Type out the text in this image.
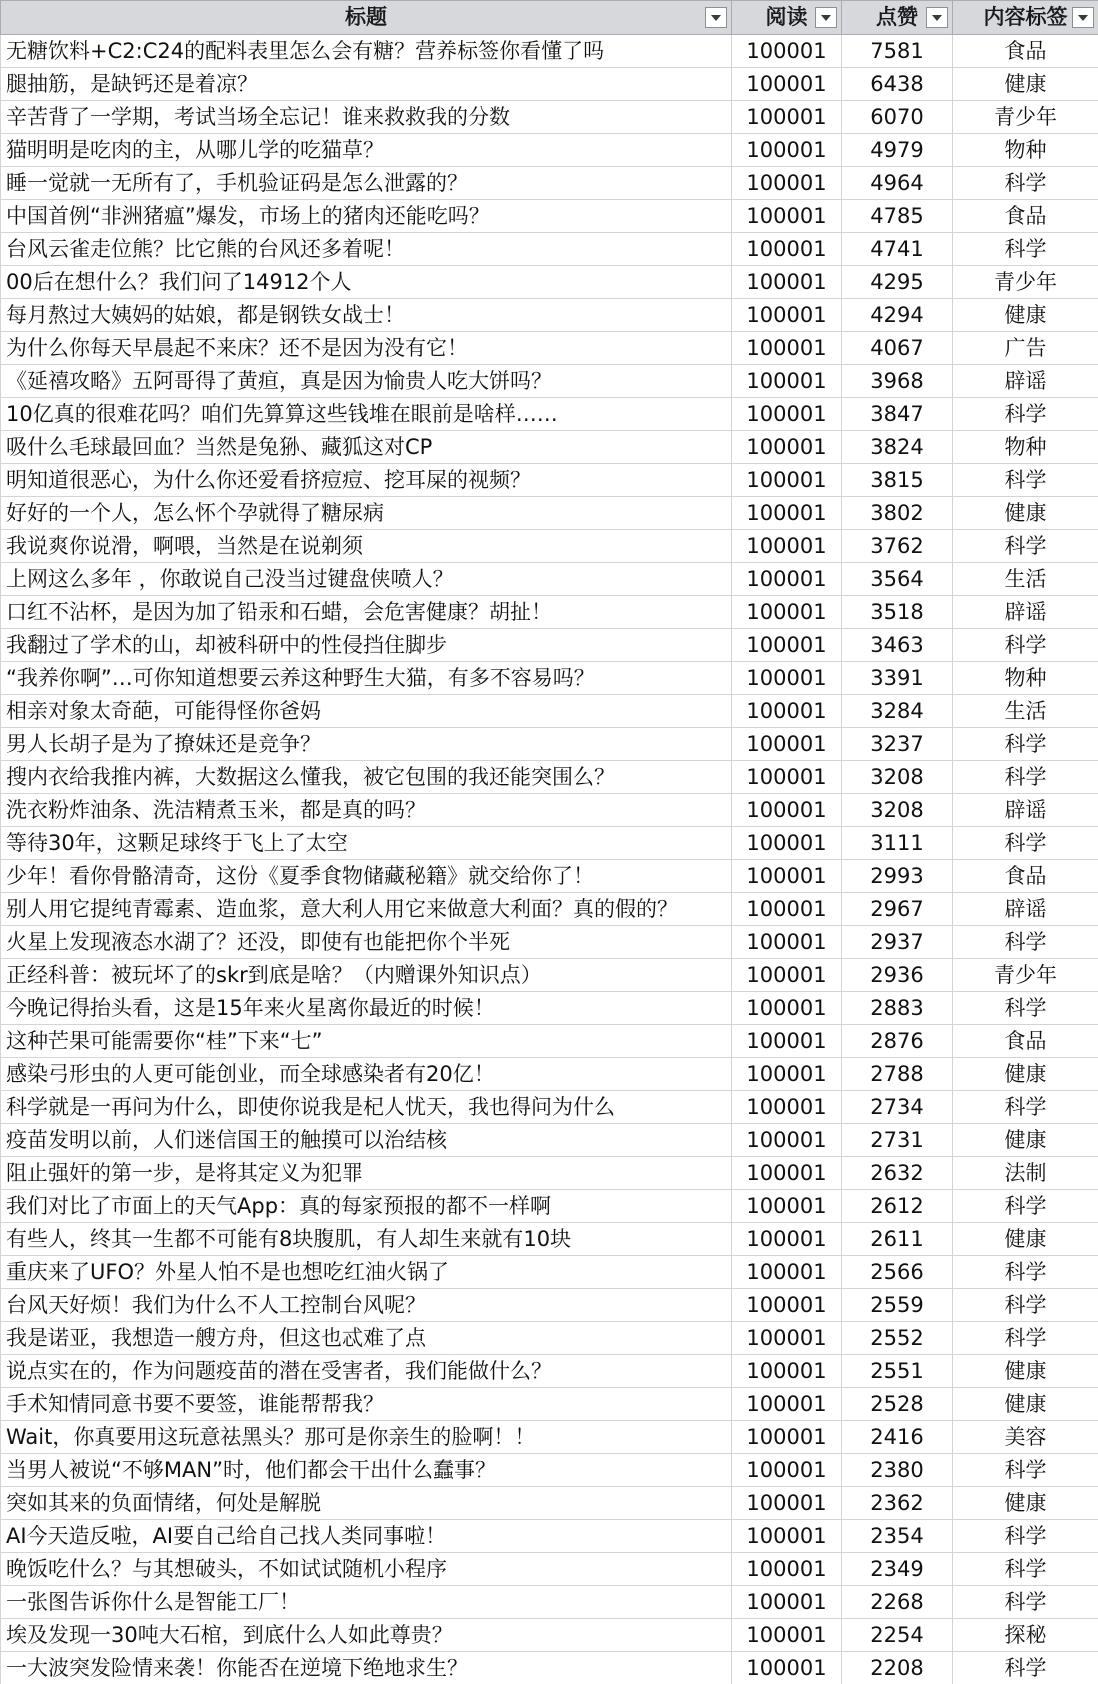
标题	阅读	点赞	内容标签

无糖饮料+C2:C24的配料表里怎么会有糖？营养标签你看懂了吗	100001	7581	食品
腿抽筋，是缺钙还是着凉？	100001	6438	健康
辛苦背了一学期，考试当场全忘记！谁来救救我的分数	100001	6070	青少年
猫明明是吃肉的主，从哪儿学的吃猫草？	100001	4979	物种
睡一觉就一无所有了，手机验证码是怎么泄露的？	100001	4964	科学
中国首例“非洲猪瘟”爆发，市场上的猪肉还能吃吗？	100001	4785	食品
台风云雀走位熊？比它熊的台风还多着呢！	100001	4741	科学
00后在想什么？我们问了14912个人	100001	4295	青少年
每月熬过大姨妈的姑娘，都是钢铁女战士！	100001	4294	健康
为什么你每天早晨起不来床？还不是因为没有它！	100001	4067	广告
《延禧攻略》五阿哥得了黄疸，真是因为愉贵人吃大饼吗？	100001	3968	辟谣
10亿真的很难花吗？咱们先算算这些钱堆在眼前是啥样……	100001	3847	科学
吸什么毛球最回血？当然是兔狲、藏狐这对CP	100001	3824	物种
明知道很恶心，为什么你还爱看挤痘痘、挖耳屎的视频？	100001	3815	科学
好好的一个人，怎么怀个孕就得了糖尿病	100001	3802	健康
我说爽你说滑，啊喂，当然是在说剃须	100001	3762	科学
上网这么多年 ，你敢说自己没当过键盘侠喷人？	100001	3564	生活
口红不沾杯，是因为加了铅汞和石蜡，会危害健康？胡扯！	100001	3518	辟谣
我翻过了学术的山，却被科研中的性侵挡住脚步	100001	3463	科学
“我养你啊”…可你知道想要云养这种野生大猫，有多不容易吗？	100001	3391	物种
相亲对象太奇葩，可能得怪你爸妈	100001	3284	生活
男人长胡子是为了撩妹还是竞争？	100001	3237	科学
搜内衣给我推内裤，大数据这么懂我，被它包围的我还能突围么？	100001	3208	科学
洗衣粉炸油条、洗洁精煮玉米，都是真的吗？	100001	3208	辟谣
等待30年，这颗足球终于飞上了太空	100001	3111	科学
少年！看你骨骼清奇，这份《夏季食物储藏秘籍》就交给你了！	100001	2993	食品
别人用它提纯青霉素、造血浆，意大利人用它来做意大利面？真的假的？	100001	2967	辟谣
火星上发现液态水湖了？还没，即使有也能把你个半死	100001	2937	科学
正经科普：被玩坏了的skr到底是啥？（内赠课外知识点）	100001	2936	青少年
今晚记得抬头看，这是15年来火星离你最近的时候！	100001	2883	科学
这种芒果可能需要你“桂”下来“七”	100001	2876	食品
感染弓形虫的人更可能创业，而全球感染者有20亿！	100001	2788	健康
科学就是一再问为什么，即使你说我是杞人忧天，我也得问为什么	100001	2734	科学
疫苗发明以前，人们迷信国王的触摸可以治结核	100001	2731	健康
阻止强奸的第一步，是将其定义为犯罪	100001	2632	法制
我们对比了市面上的天气App：真的每家预报的都不一样啊	100001	2612	科学
有些人，终其一生都不可能有8块腹肌，有人却生来就有10块	100001	2611	健康
重庆来了UFO？外星人怕不是也想吃红油火锅了	100001	2566	科学
台风天好烦！我们为什么不人工控制台风呢？	100001	2559	科学
我是诺亚，我想造一艘方舟，但这也忒难了点	100001	2552	科学
说点实在的，作为问题疫苗的潜在受害者，我们能做什么？	100001	2551	健康
手术知情同意书要不要签，谁能帮帮我？	100001	2528	健康
Wait，你真要用这玩意祛黑头？那可是你亲生的脸啊！！	100001	2416	美容
当男人被说“不够MAN”时，他们都会干出什么蠢事？	100001	2380	科学
突如其来的负面情绪，何处是解脱	100001	2362	健康
AI今天造反啦，AI要自己给自己找人类同事啦！	100001	2354	科学
晚饭吃什么？与其想破头，不如试试随机小程序	100001	2349	科学
一张图告诉你什么是智能工厂！	100001	2268	科学
埃及发现一30吨大石棺，到底什么人如此尊贵？	100001	2254	探秘
一大波突发险情来袭！你能否在逆境下绝地求生？	100001	2208	科学
